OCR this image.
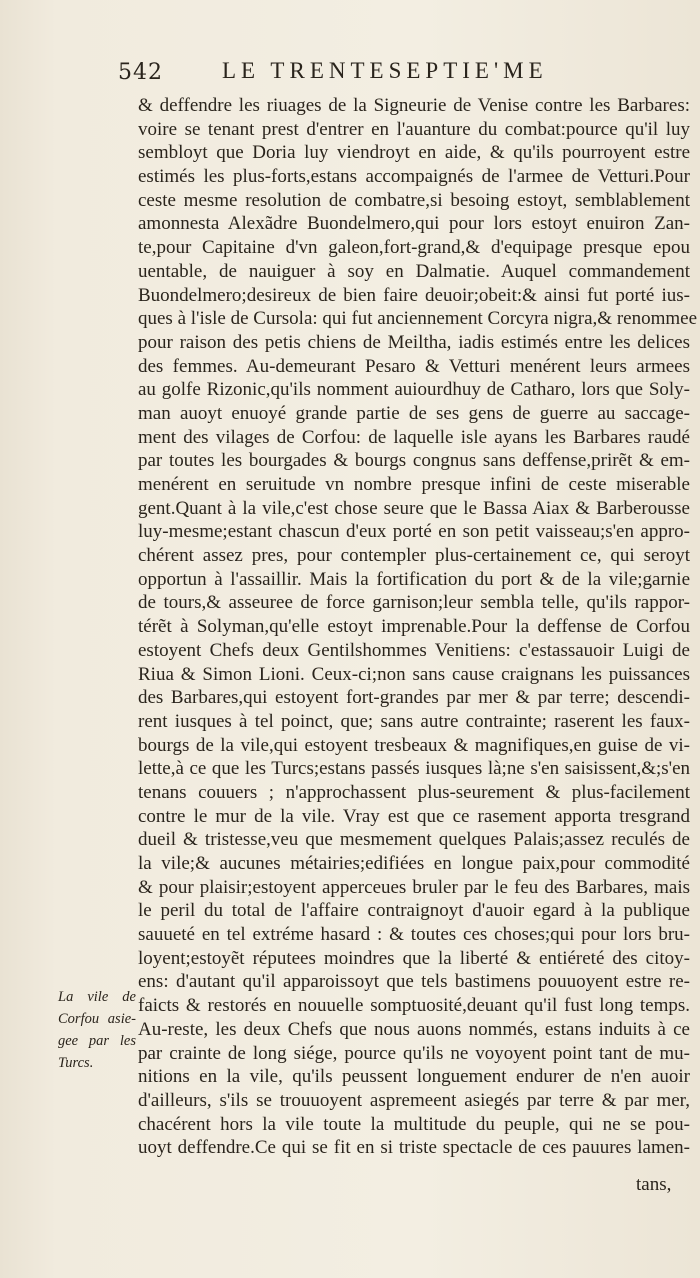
542	LE TRENTESEPTIE'ME
& deffendre les riuages de la Signeurie de Venise contre les Barbares:
voire se tenant prest d'entrer en l'auanture du combat:pource qu'il luy
sembloyt que Doria luy viendroyt en aide, & qu'ils pourroyent estre
estimés les plus-forts,estans accompaignés de l'armee de Vetturi.Pour
ceste mesme resolution de combatre,si besoing estoyt, semblablement
amonnesta Alexãdre Buondelmero,qui pour lors estoyt enuiron Zan-
te,pour Capitaine d'vn galeon,fort-grand,& d'equipage presque epou
uentable, de nauiguer à soy en Dalmatie. Auquel commandement
Buondelmero;desireux de bien faire deuoir;obeit:& ainsi fut porté ius-
ques à l'isle de Cursola: qui fut anciennement Corcyra nigra,& renommee
pour raison des petis chiens de Meiltha, iadis estimés entre les delices
des femmes. Au-demeurant Pesaro & Vetturi menérent leurs armees
au golfe Rizonic,qu'ils nomment auiourdhuy de Catharo, lors que Soly-
man auoyt enuoyé grande partie de ses gens de guerre au saccage-
ment des vilages de Corfou: de laquelle isle ayans les Barbares raudé
par toutes les bourgades & bourgs congnus sans deffense,prirẽt & em-
menérent en seruitude vn nombre presque infini de ceste miserable
gent.Quant à la vile,c'est chose seure que le Bassa Aiax & Barberousse
luy-mesme;estant chascun d'eux porté en son petit vaisseau;s'en appro-
chérent assez pres, pour contempler plus-certainement ce, qui seroyt
opportun à l'assaillir. Mais la fortification du port & de la vile;garnie
de tours,& asseuree de force garnison;leur sembla telle, qu'ils rappor-
térẽt à Solyman,qu'elle estoyt imprenable.Pour la deffense de Corfou
estoyent Chefs deux Gentilshommes Venitiens: c'estassauoir Luigi de
Riua & Simon Lioni. Ceux-ci;non sans cause craignans les puissances
des Barbares,qui estoyent fort-grandes par mer & par terre; descendi-
rent iusques à tel poinct, que; sans autre contrainte; raserent les faux-
bourgs de la vile,qui estoyent tresbeaux & magnifiques,en guise de vi-
lette,à ce que les Turcs;estans passés iusques là;ne s'en saisissent,&;s'en
tenans couuers ; n'approchassent plus-seurement & plus-facilement
contre le mur de la vile. Vray est que ce rasement apporta tresgrand
dueil & tristesse,veu que mesmement quelques Palais;assez reculés de
la vile;& aucunes métairies;edifiées en longue paix,pour commodité
& pour plaisir;estoyent apperceues bruler par le feu des Barbares, mais
le peril du total de l'affaire contraignoyt d'auoir egard à la publique
sauueté en tel extréme hasard : & toutes ces choses;qui pour lors bru-
loyent;estoyẽt réputees moindres que la liberté & entiéreté des citoy-
ens: d'autant qu'il apparoissoyt que tels bastimens pouuoyent estre re-
faicts & restorés en nouuelle somptuosité,deuant qu'il fust long temps.
Au-reste, les deux Chefs que nous auons nommés, estans induits à ce
par crainte de long siége, pource qu'ils ne voyoyent point tant de mu-
nitions en la vile, qu'ils peussent longuement endurer de n'en auoir
d'ailleurs, s'ils se trouuoyent aspremeent asiegés par terre & par mer,
chacérent hors la vile toute la multitude du peuple, qui ne se pou-
uoyt deffendre.Ce qui se fit en si triste spectacle de ces pauures lamen-
La vile de
Corfou asie-
gee par les
Turcs.
tans,
